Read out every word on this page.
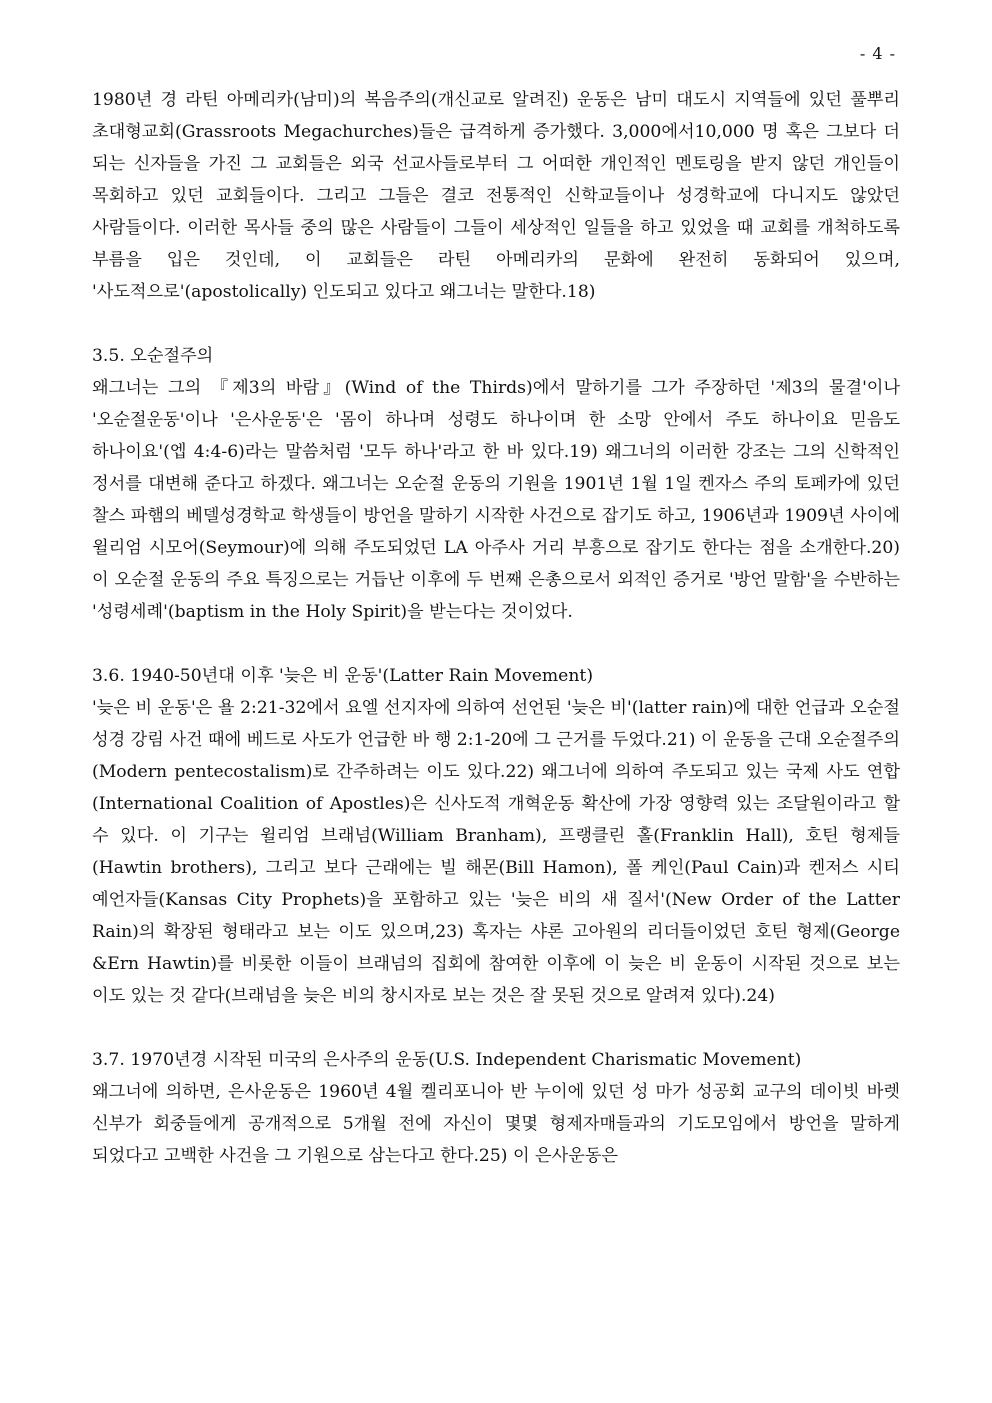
- 4 -

1980년 경 라틴 아메리카(남미)의 복음주의(개신교로 알려진) 운동은 남미 대도시 지역들에 있던 풀뿌리 초대형교회(Grassroots Megachurches)들은 급격하게 증가했다. 3,000에서10,000 명 혹은 그보다 더 되는 신자들을 가진 그 교회들은 외국 선교사들로부터 그 어떠한 개인적인 멘토링을 받지 않던 개인들이 목회하고 있던 교회들이다. 그리고 그들은 결코 전통적인 신학교들이나 성경학교에 다니지도 않았던 사람들이다. 이러한 목사들 중의 많은 사람들이 그들이 세상적인 일들을 하고 있었을 때 교회를 개척하도록 부름을 입은 것인데, 이 교회들은 라틴 아메리카의 문화에 완전히 동화되어 있으며, '사도적으로'(apostolically) 인도되고 있다고 왜그너는 말한다.18)

3.5. 오순절주의

왜그너는 그의 『제3의 바람』(Wind of the Thirds)에서 말하기를 그가 주장하던 '제3의 물결'이나 '오순절운동'이나 '은사운동'은 '몸이 하나며 성령도 하나이며 한 소망 안에서 주도 하나이요 믿음도 하나이요'(엡 4:4-6)라는 말씀처럼 '모두 하나'라고 한 바 있다.19) 왜그너의 이러한 강조는 그의 신학적인 정서를 대변해 준다고 하겠다. 왜그너는 오순절 운동의 기원을 1901년 1월 1일 켄자스 주의 토페카에 있던 찰스 파햄의 베델성경학교 학생들이 방언을 말하기 시작한 사건으로 잡기도 하고, 1906년과 1909년 사이에 윌리엄 시모어(Seymour)에 의해 주도되었던 LA 아주사 거리 부흥으로 잡기도 한다는 점을 소개한다.20) 이 오순절 운동의 주요 특징으로는 거듭난 이후에 두 번째 은총으로서 외적인 증거로 '방언 말함'을 수반하는 '성령세례'(baptism in the Holy Spirit)을 받는다는 것이었다.

3.6. 1940-50년대 이후 '늦은 비 운동'(Latter Rain Movement)

'늦은 비 운동'은 욜 2:21-32에서 요엘 선지자에 의하여 선언된 '늦은 비'(latter rain)에 대한 언급과 오순절 성경 강림 사건 때에 베드로 사도가 언급한 바 행 2:1-20에 그 근거를 두었다.21) 이 운동을 근대 오순절주의(Modern pentecostalism)로 간주하려는 이도 있다.22) 왜그너에 의하여 주도되고 있는 국제 사도 연합(International Coalition of Apostles)은 신사도적 개혁운동 확산에 가장 영향력 있는 조달원이라고 할 수 있다. 이 기구는 윌리엄 브래넘(William Branham), 프랭클린 홀(Franklin Hall), 호틴 형제들(Hawtin brothers), 그리고 보다 근래에는 빌 해몬(Bill Hamon), 폴 케인(Paul Cain)과 켄저스 시티 예언자들(Kansas City Prophets)을 포함하고 있는 '늦은 비의 새 질서'(New Order of the Latter Rain)의 확장된 형태라고 보는 이도 있으며,23) 혹자는 샤론 고아원의 리더들이었던 호틴 형제(George &Ern Hawtin)를 비롯한 이들이 브래넘의 집회에 참여한 이후에 이 늦은 비 운동이 시작된 것으로 보는 이도 있는 것 같다(브래넘을 늦은 비의 창시자로 보는 것은 잘 못된 것으로 알려져 있다).24)

3.7. 1970년경 시작된 미국의 은사주의 운동(U.S. Independent Charismatic Movement)

왜그너에 의하면, 은사운동은 1960년 4월 켈리포니아 반 누이에 있던 성 마가 성공회 교구의 데이빗 바렛 신부가 회중들에게 공개적으로 5개월 전에 자신이 몇몇 형제자매들과의 기도모임에서 방언을 말하게 되었다고 고백한 사건을 그 기원으로 삼는다고 한다.25) 이 은사운동은
